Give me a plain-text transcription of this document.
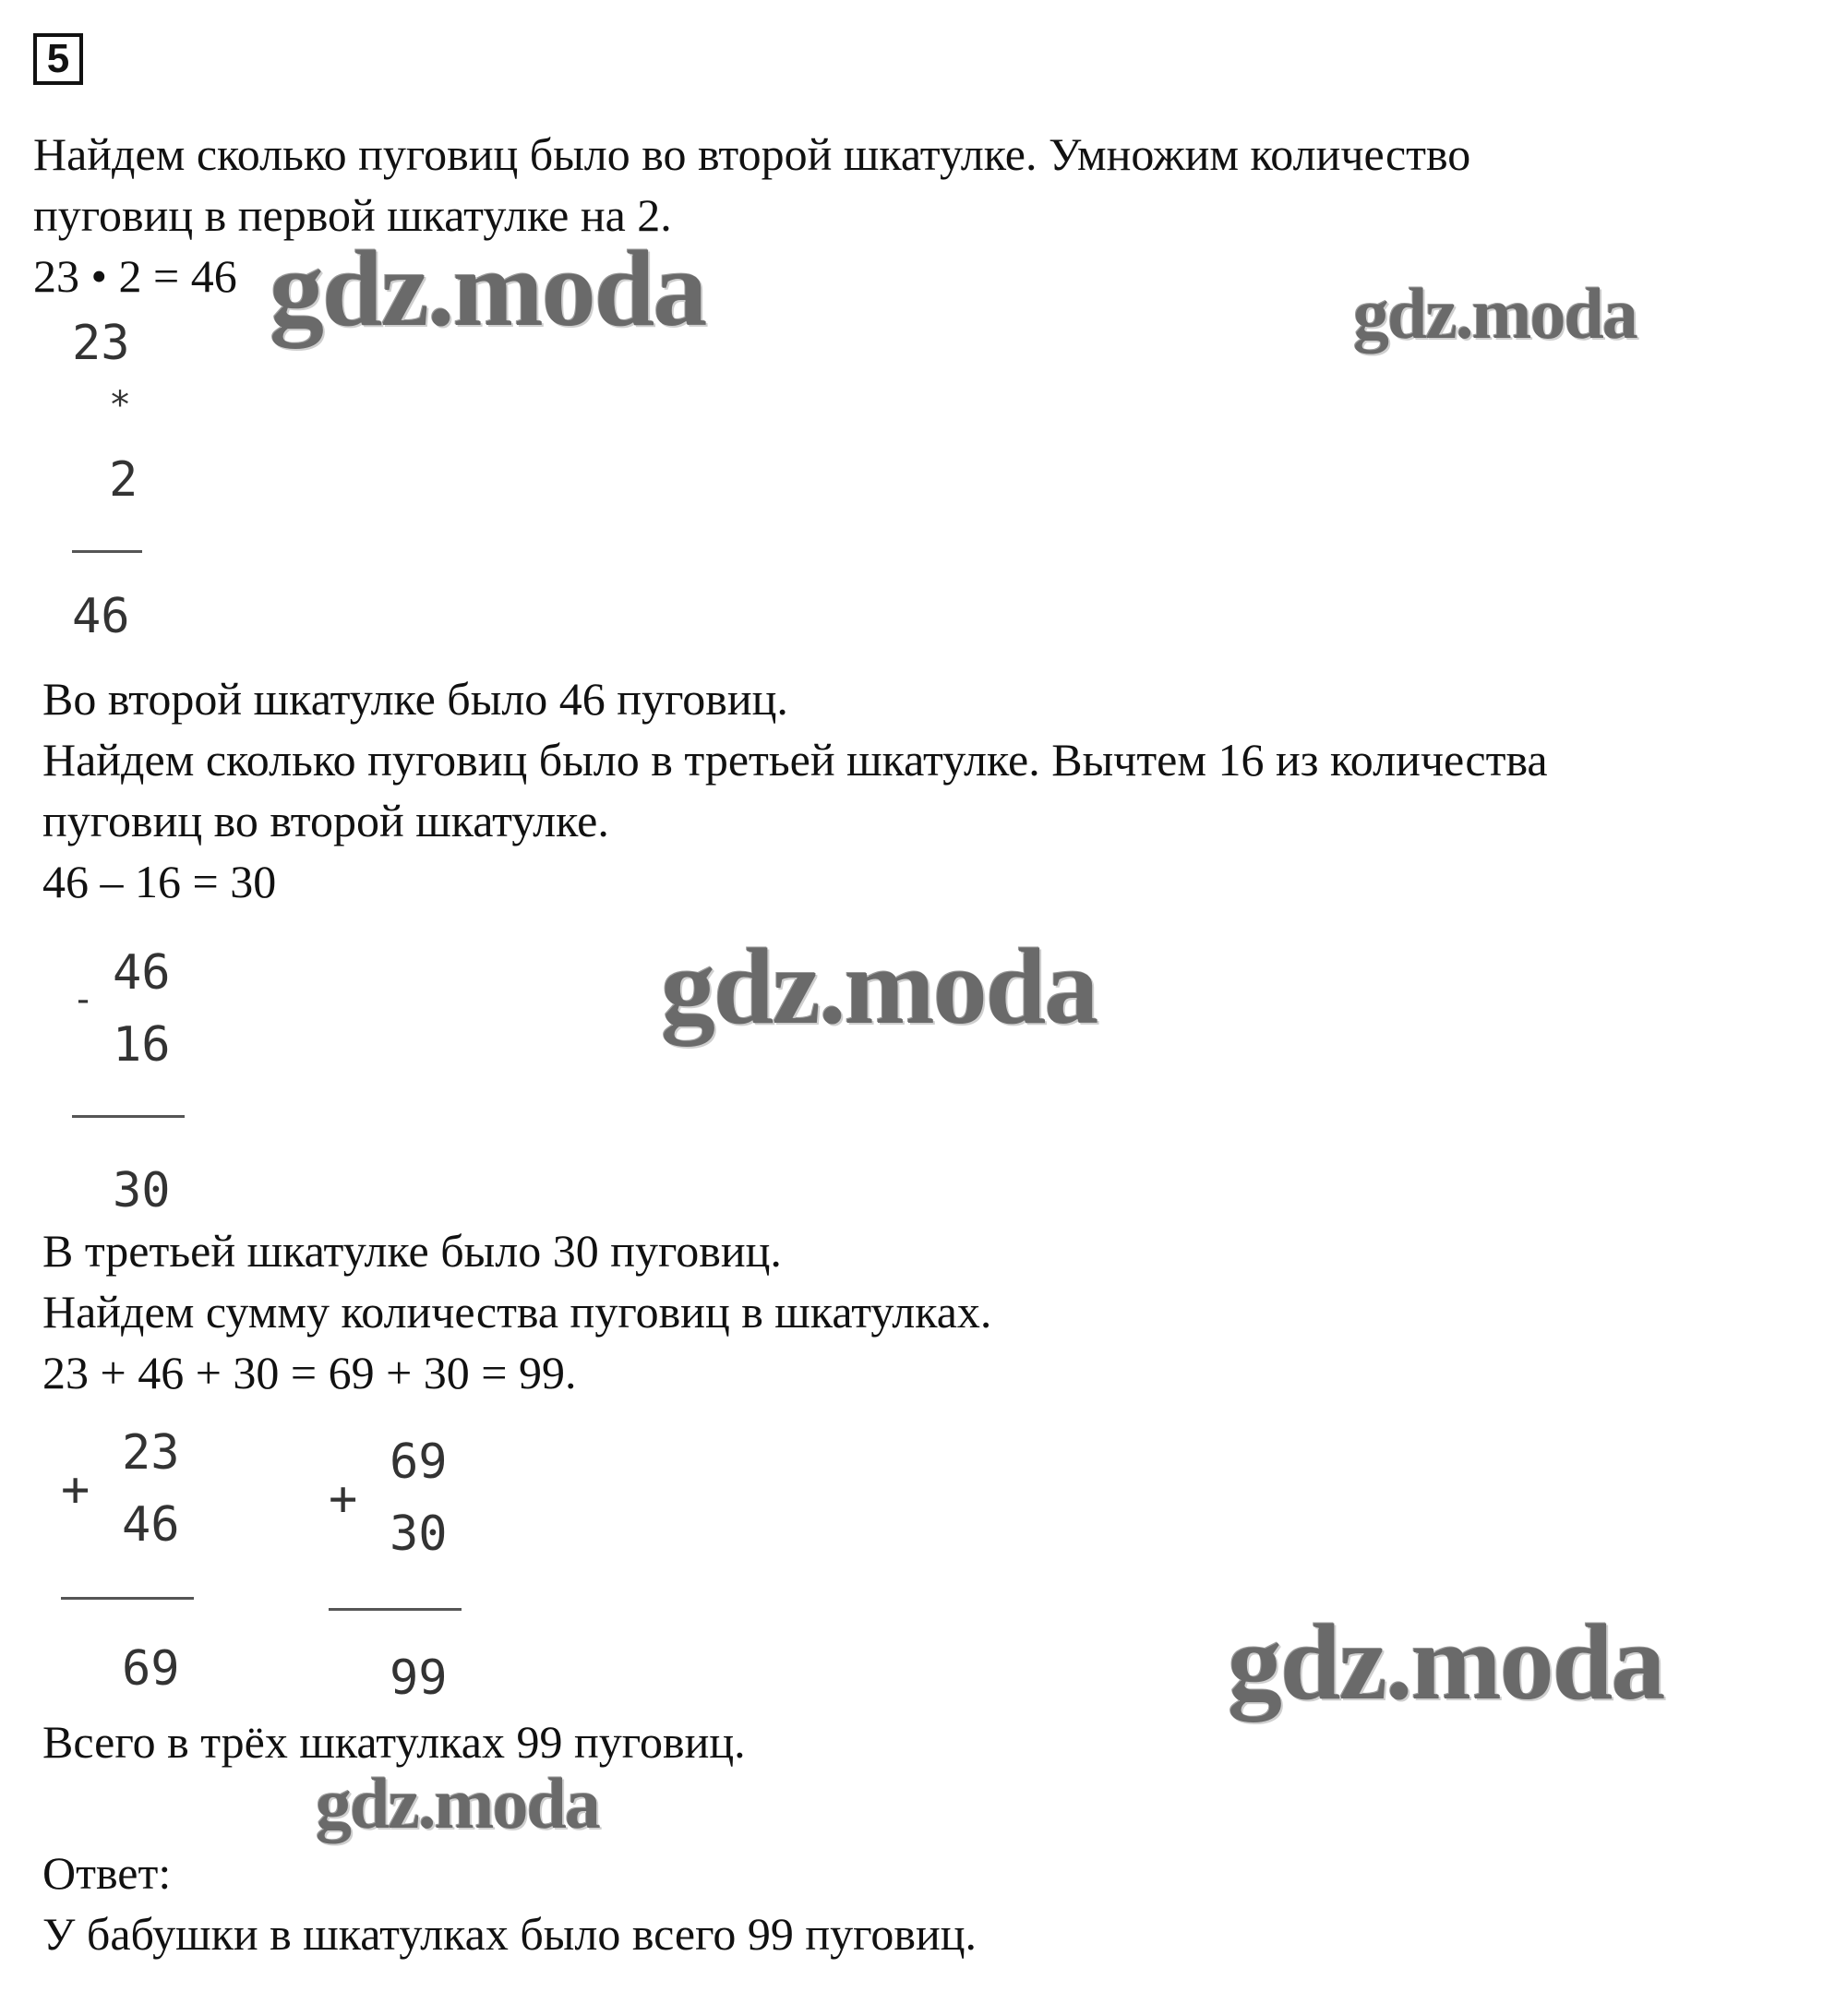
5
Найдем сколько пуговиц было во второй шкатулке. Умножим количество
пуговиц в первой шкатулке на 2.
23 • 2 = 46
23
*
2
46
Во второй шкатулке было 46 пуговиц.
Найдем сколько пуговиц было в третьей шкатулке. Вычтем 16 из количества
пуговиц во второй шкатулке.
46 – 16 = 30
- 46
16
30
В третьей шкатулке было 30 пуговиц.
Найдем сумму количества пуговиц в шкатулках.
23 + 46 + 30 = 69 + 30 = 99.
+
23
46
69
+
69
30
99
Всего в трёх шкатулках 99 пуговиц.
Ответ:
У бабушки в шкатулках было всего 99 пуговиц.
gdz.moda	gdz.moda
gdz.moda
gdz.moda
gdz.moda
